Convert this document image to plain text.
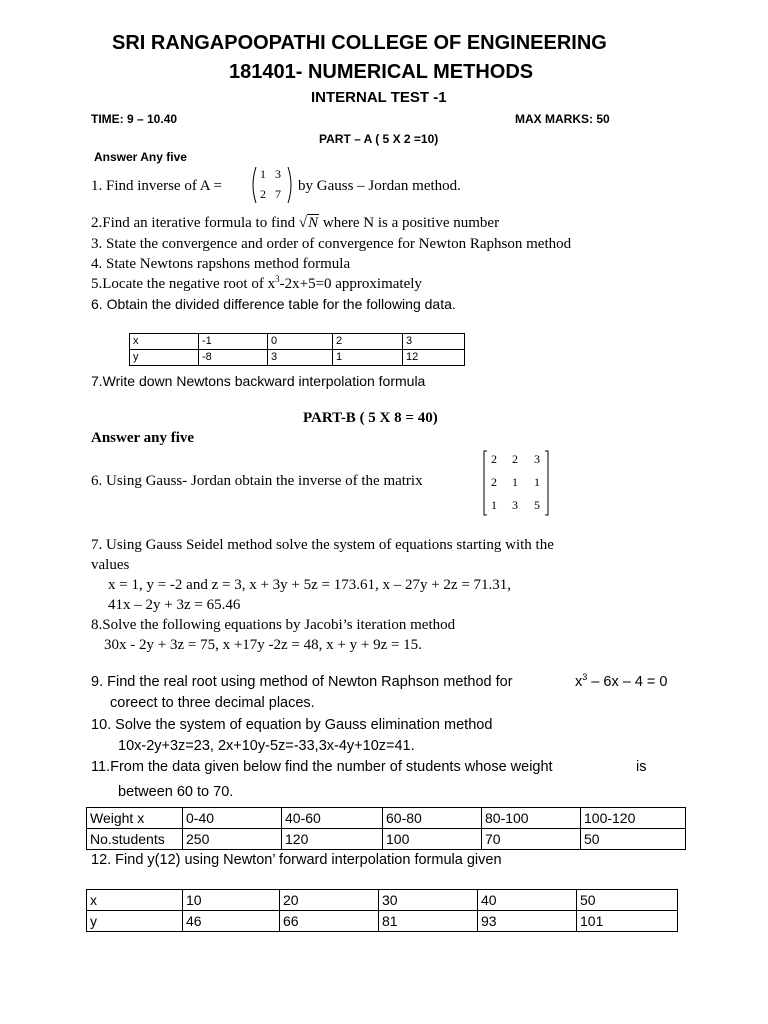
SRI RANGAPOOPATHI COLLEGE OF ENGINEERING
181401- NUMERICAL METHODS
INTERNAL TEST -1
TIME: 9 – 10.40	MAX MARKS: 50
PART – A ( 5 X 2 =10)
Answer Any five
1. Find inverse of A =
1 3
2 7 by Gauss – Jordan method.
2.Find an iterative formula to find √N where N is a positive number
3. State the convergence and order of convergence for Newton Raphson method
4. State Newtons rapshons method formula
5.Locate the negative root of $x^3-2x+5=0$ approximately
6. Obtain the divided difference table for the following data.
x	-1	0	2	3
y	-8	3	1	12
7.Write down Newtons backward interpolation formula
PART-B ( 5 X 8 = 40)
Answer any five
6. Using Gauss- Jordan obtain the inverse of the matrix
2 2 3
2 1 1
1 3 5
7. Using Gauss Seidel method solve the system of equations starting with the
values
x = 1, y = -2 and z = 3, x + 3y + 5z = 173.61, x – 27y + 2z = 71.31,
41x – 2y + 3z = 65.46
8.Solve the following equations by Jacobi’s iteration method
30x - 2y + 3z = 75, x +17y -2z = 48, x + y + 9z = 15.
9. Find the real root using method of Newton Raphson method for	$x^3 - 6x - 4 = 0$
coreect to three decimal places.
10. Solve the system of equation by Gauss elimination method
10x-2y+3z=23, 2x+10y-5z=-33,3x-4y+10z=41.
11.From the data given below find the number of students whose weight	is
between 60 to 70.
Weight x	0-40	40-60	60-80	80-100	100-120
No.students	250	120	100	70	50
12. Find y(12) using Newton’ forward interpolation formula given
x	10	20	30	40	50
y	46	66	81	93	101
